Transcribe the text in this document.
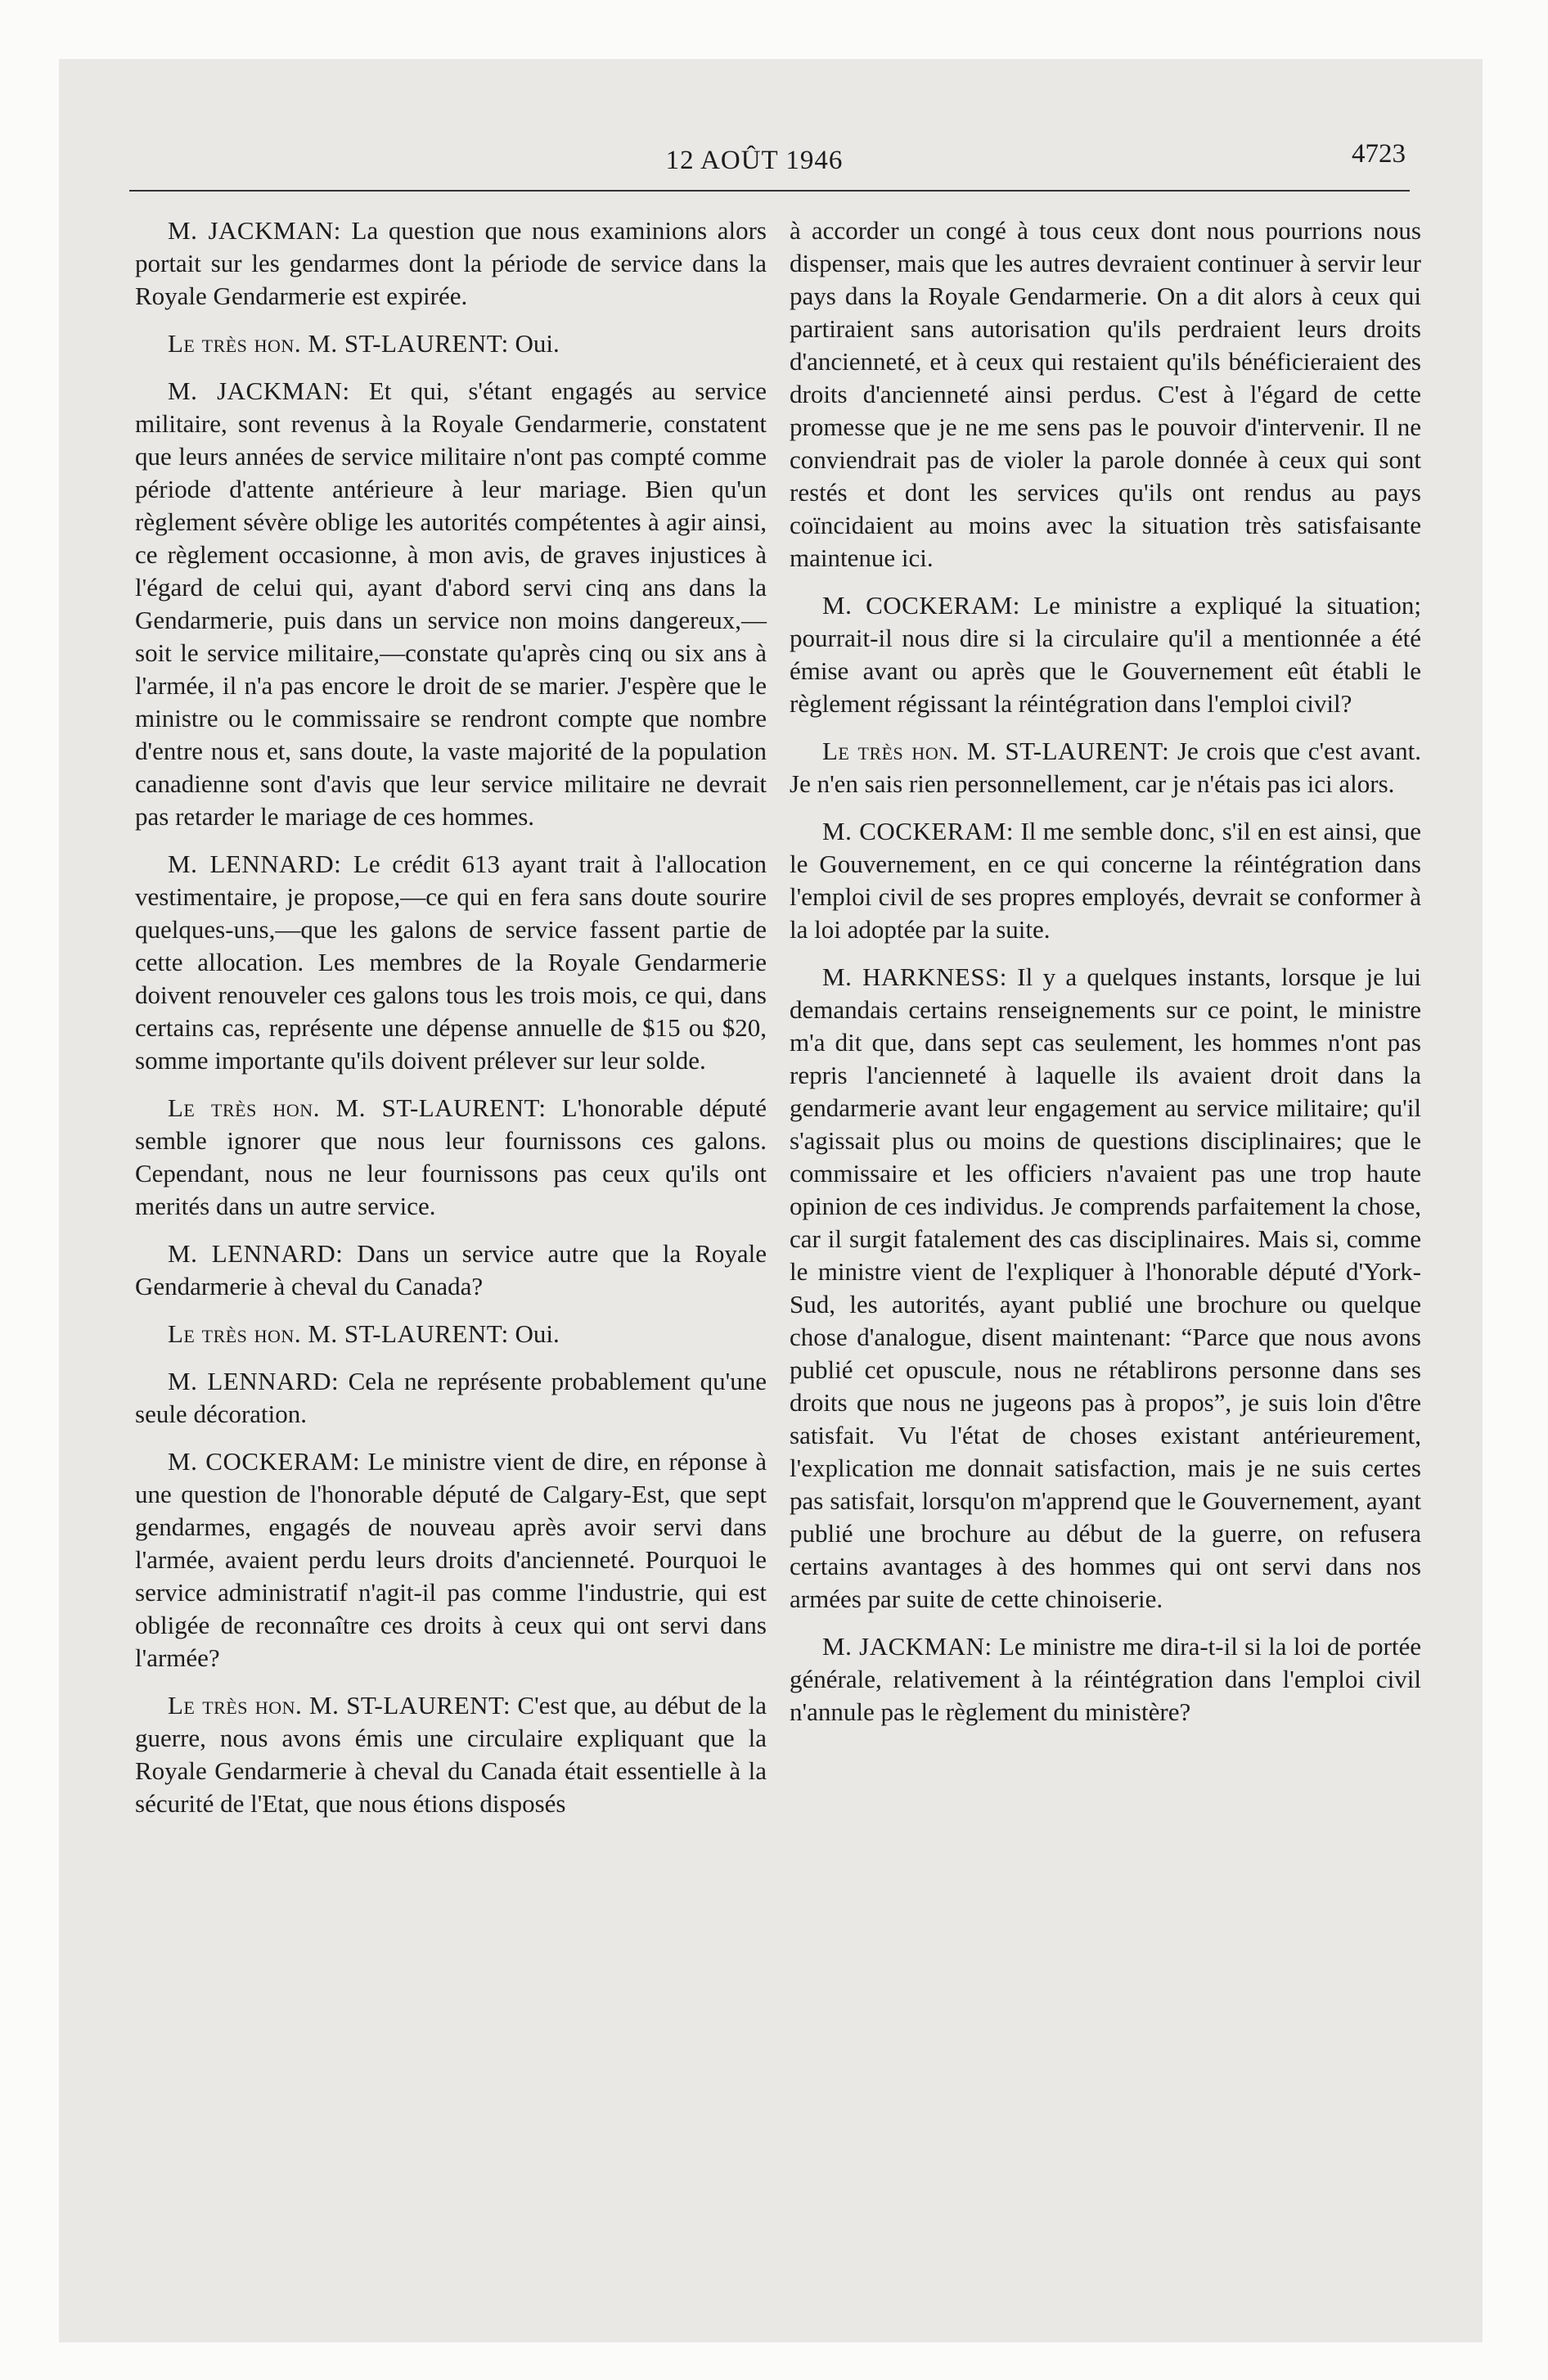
12 AOÛT 1946	4723

M. JACKMAN: La question que nous examinions alors portait sur les gendarmes dont la période de service dans la Royale Gendarmerie est expirée.

Le très hon. M. ST-LAURENT: Oui.

M. JACKMAN: Et qui, s'étant engagés au service militaire, sont revenus à la Royale Gendarmerie, constatent que leurs années de service militaire n'ont pas compté comme période d'attente antérieure à leur mariage. Bien qu'un règlement sévère oblige les autorités compétentes à agir ainsi, ce règlement occasionne, à mon avis, de graves injustices à l'égard de celui qui, ayant d'abord servi cinq ans dans la Gendarmerie, puis dans un service non moins dangereux,—soit le service militaire,—constate qu'après cinq ou six ans à l'armée, il n'a pas encore le droit de se marier. J'espère que le ministre ou le commissaire se rendront compte que nombre d'entre nous et, sans doute, la vaste majorité de la population canadienne sont d'avis que leur service militaire ne devrait pas retarder le mariage de ces hommes.

M. LENNARD: Le crédit 613 ayant trait à l'allocation vestimentaire, je propose,—ce qui en fera sans doute sourire quelques-uns,—que les galons de service fassent partie de cette allocation. Les membres de la Royale Gendarmerie doivent renouveler ces galons tous les trois mois, ce qui, dans certains cas, représente une dépense annuelle de $15 ou $20, somme importante qu'ils doivent prélever sur leur solde.

Le très hon. M. ST-LAURENT: L'honorable député semble ignorer que nous leur fournissons ces galons. Cependant, nous ne leur fournissons pas ceux qu'ils ont merités dans un autre service.

M. LENNARD: Dans un service autre que la Royale Gendarmerie à cheval du Canada?

Le très hon. M. ST-LAURENT: Oui.

M. LENNARD: Cela ne représente probablement qu'une seule décoration.

M. COCKERAM: Le ministre vient de dire, en réponse à une question de l'honorable député de Calgary-Est, que sept gendarmes, engagés de nouveau après avoir servi dans l'armée, avaient perdu leurs droits d'ancienneté. Pourquoi le service administratif n'agit-il pas comme l'industrie, qui est obligée de reconnaître ces droits à ceux qui ont servi dans l'armée?

Le très hon. M. ST-LAURENT: C'est que, au début de la guerre, nous avons émis une circulaire expliquant que la Royale Gendarmerie à cheval du Canada était essentielle à la sécurité de l'Etat, que nous étions disposés

à accorder un congé à tous ceux dont nous pourrions nous dispenser, mais que les autres devraient continuer à servir leur pays dans la Royale Gendarmerie. On a dit alors à ceux qui partiraient sans autorisation qu'ils perdraient leurs droits d'ancienneté, et à ceux qui restaient qu'ils bénéficieraient des droits d'ancienneté ainsi perdus. C'est à l'égard de cette promesse que je ne me sens pas le pouvoir d'intervenir. Il ne conviendrait pas de violer la parole donnée à ceux qui sont restés et dont les services qu'ils ont rendus au pays coïncidaient au moins avec la situation très satisfaisante maintenue ici.

M. COCKERAM: Le ministre a expliqué la situation; pourrait-il nous dire si la circulaire qu'il a mentionnée a été émise avant ou après que le Gouvernement eût établi le règlement régissant la réintégration dans l'emploi civil?

Le très hon. M. ST-LAURENT: Je crois que c'est avant. Je n'en sais rien personnellement, car je n'étais pas ici alors.

M. COCKERAM: Il me semble donc, s'il en est ainsi, que le Gouvernement, en ce qui concerne la réintégration dans l'emploi civil de ses propres employés, devrait se conformer à la loi adoptée par la suite.

M. HARKNESS: Il y a quelques instants, lorsque je lui demandais certains renseignements sur ce point, le ministre m'a dit que, dans sept cas seulement, les hommes n'ont pas repris l'ancienneté à laquelle ils avaient droit dans la gendarmerie avant leur engagement au service militaire; qu'il s'agissait plus ou moins de questions disciplinaires; que le commissaire et les officiers n'avaient pas une trop haute opinion de ces individus. Je comprends parfaitement la chose, car il surgit fatalement des cas disciplinaires. Mais si, comme le ministre vient de l'expliquer à l'honorable député d'York-Sud, les autorités, ayant publié une brochure ou quelque chose d'analogue, disent maintenant: “Parce que nous avons publié cet opuscule, nous ne rétablirons personne dans ses droits que nous ne jugeons pas à propos”, je suis loin d'être satisfait. Vu l'état de choses existant antérieurement, l'explication me donnait satisfaction, mais je ne suis certes pas satisfait, lorsqu'on m'apprend que le Gouvernement, ayant publié une brochure au début de la guerre, on refusera certains avantages à des hommes qui ont servi dans nos armées par suite de cette chinoiserie.

M. JACKMAN: Le ministre me dira-t-il si la loi de portée générale, relativement à la réintégration dans l'emploi civil n'annule pas le règlement du ministère?
